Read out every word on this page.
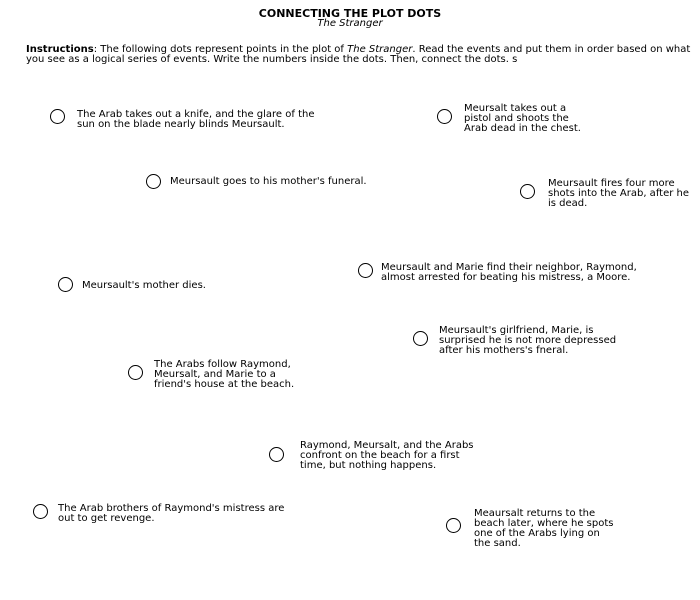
CONNECTING THE PLOT DOTS
The Stranger
Instructions: The following dots represent points in the plot of The Stranger. Read the events and put them in order based on what you see as a logical series of events. Write the numbers inside the dots. Then, connect the dots. s
The Arab takes out a knife, and the glare of the
sun on the blade nearly blinds Meursault.
Meursalt takes out a
pistol and shoots the
Arab dead in the chest.
Meursault goes to his mother's funeral.	Meursault fires four more
shots into the Arab, after he
is dead.
Meursault and Marie find their neighbor, Raymond,
almost arrested for beating his mistress, a Moore.
Meursault's mother dies.
Meursault's girlfriend, Marie, is
surprised he is not more depressed
after his mothers's fneral.
The Arabs follow Raymond,
Meursalt, and Marie to a
friend's house at the beach.
Raymond, Meursalt, and the Arabs
confront on the beach for a first
time, but nothing happens.
The Arab brothers of Raymond's mistress are
out to get revenge.	Meaursalt returns to the
beach later, where he spots
one of the Arabs lying on
the sand.
